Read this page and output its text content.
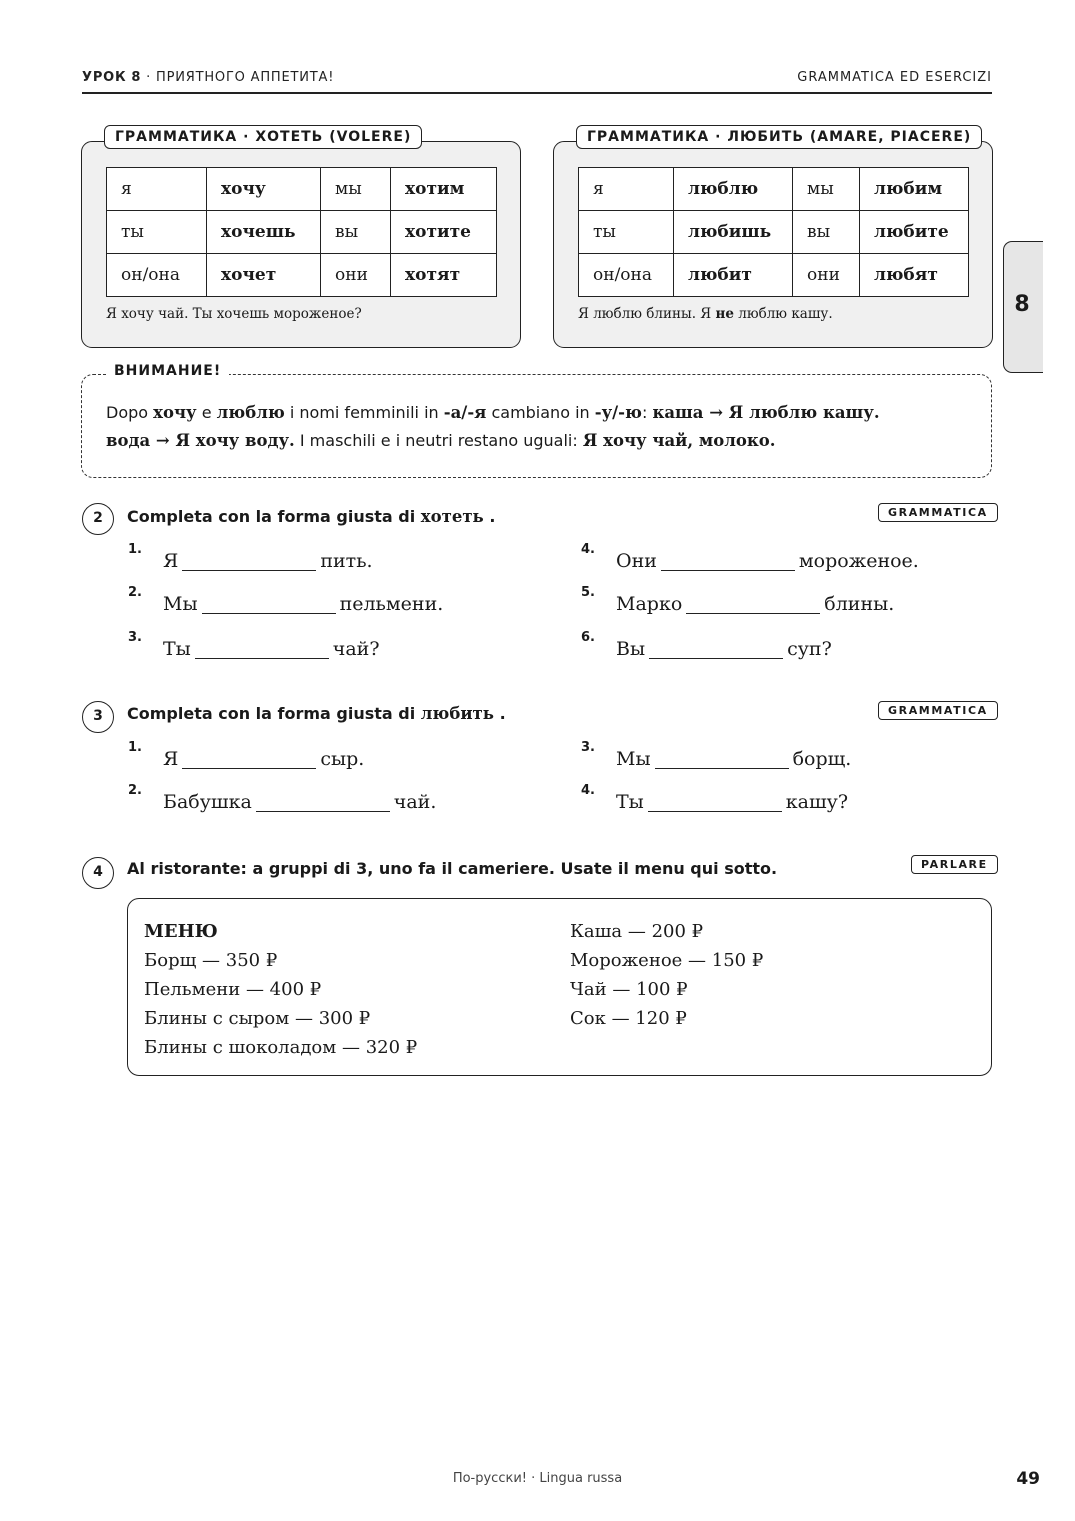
УРОК 8 · ПРИЯТНОГО АППЕТИТА!	GRAMMATICA ED ESERCIZI
8
ГРАММАТИКА · ХОТЕТЬ (VOLERE)
я	хочу	мы	хотим
ты	хочешь	вы	хотите
он/она	хочет	они	хотят
Я хочу чай. Ты хочешь мороженое?
ГРАММАТИКА · ЛЮБИТЬ (AMARE, PIACERE)
я	люблю	мы	любим
ты	любишь	вы	любите
он/она	любит	они	любят
Я люблю блины. Я не люблю кашу.
ВНИМАНИЕ!
Dopo хочу e люблю i nomi femminili in -а/-я cambiano in -у/-ю: каша → Я люблю кашу.
вода → Я хочу воду. I maschili e i neutri restano uguali: Я хочу чай, молоко.
2	Completa con la forma giusta di хотеть .	GRAMMATICA
1.
Я	пить.
2.
Мы	пельмени.
3.
Ты	чай?
4.
Они	мороженое.
5.
Марко	блины.
6.
Вы	суп?
3	Completa con la forma giusta di любить .	GRAMMATICA
1.
Я	сыр.
2.
Бабушка	чай.
3.
Мы	борщ.
4.
Ты	кашу?
4	Al ristorante: a gruppi di 3, uno fa il cameriere. Usate il menu qui sotto.	PARLARE
МЕНЮ
Борщ — 350 ₽
Пельмени — 400 ₽
Блины с сыром — 300 ₽
Блины с шоколадом — 320 ₽
Каша — 200 ₽
Мороженое — 150 ₽
Чай — 100 ₽
Сок — 120 ₽
По-русски! · Lingua russa	49
